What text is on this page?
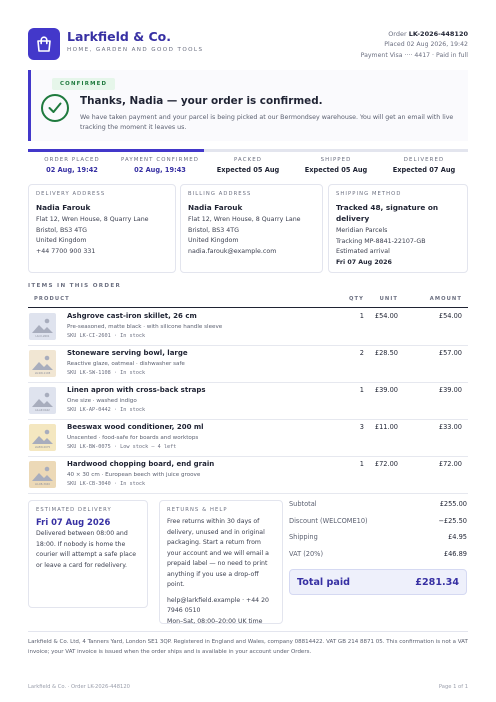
Larkfield & Co.
HOME, GARDEN AND GOOD TOOLS
Order LK-2026-448120
Placed 02 Aug 2026, 19:42
Payment Visa ···· 4417 · Paid in full
CONFIRMED
Thanks, Nadia — your order is confirmed.
We have taken payment and your parcel is being picked at our Bermondsey warehouse. You will get an email with live tracking the moment it leaves us.
ORDER PLACED
02 Aug, 19:42
PAYMENT CONFIRMED
02 Aug, 19:43
PACKED
Expected 05 Aug
SHIPPED
Expected 05 Aug
DELIVERED
Expected 07 Aug
DELIVERY ADDRESS
Nadia Farouk
Flat 12, Wren House, 8 Quarry Lane
Bristol, BS3 4TG
United Kingdom
+44 7700 900 331
BILLING ADDRESS
Nadia Farouk
Flat 12, Wren House, 8 Quarry Lane
Bristol, BS3 4TG
United Kingdom
nadia.farouk@example.com
SHIPPING METHOD
Tracked 48, signature on delivery
Meridian Parcels
Tracking MP-8841-22107-GB
Estimated arrival
Fri 07 Aug 2026
ITEMS IN THIS ORDER
PRODUCT	QTY	UNIT	AMOUNT
LK-CI-2601
Ashgrove cast-iron skillet, 26 cm
Pre-seasoned, matte black · with silicone handle sleeve
SKU LK-CI-2601 · In stock
1	£54.00	£54.00
LK-SW-1108
Stoneware serving bowl, large
Reactive glaze, oatmeal · dishwasher safe
SKU LK-SW-1108 · In stock
2	£28.50	£57.00
LK-AP-0442
Linen apron with cross-back straps
One size · washed indigo
SKU LK-AP-0442 · In stock
1	£39.00	£39.00
LK-BW-0075
Beeswax wood conditioner, 200 ml
Unscented · food-safe for boards and worktops
SKU LK-BW-0075 · Low stock — 4 left
3	£11.00	£33.00
LK-CB-3040
Hardwood chopping board, end grain
40 × 30 cm · European beech with juice groove
SKU LK-CB-3040 · In stock
1	£72.00	£72.00
ESTIMATED DELIVERY
Fri 07 Aug 2026
Delivered between 08:00 and 18:00. If nobody is home the courier will attempt a safe place or leave a card for redelivery.
RETURNS & HELP
Free returns within 30 days of delivery, unused and in original packaging. Start a return from your account and we will email a prepaid label — no need to print anything if you use a drop-off point.
help@larkfield.example · +44 20 7946 0510
Mon–Sat, 08:00–20:00 UK time
Subtotal	£255.00
Discount (WELCOME10)	−£25.50
Shipping	£4.95
VAT (20%)	£46.89
Total paid	£281.34
Larkfield & Co. Ltd, 4 Tanners Yard, London SE1 3QP. Registered in England and Wales, company 08814422. VAT GB 214 8871 05. This confirmation is not a VAT invoice; your VAT invoice is issued when the order ships and is available in your account under Orders.
Larkfield & Co. · Order LK-2026-448120	Page 1 of 1
